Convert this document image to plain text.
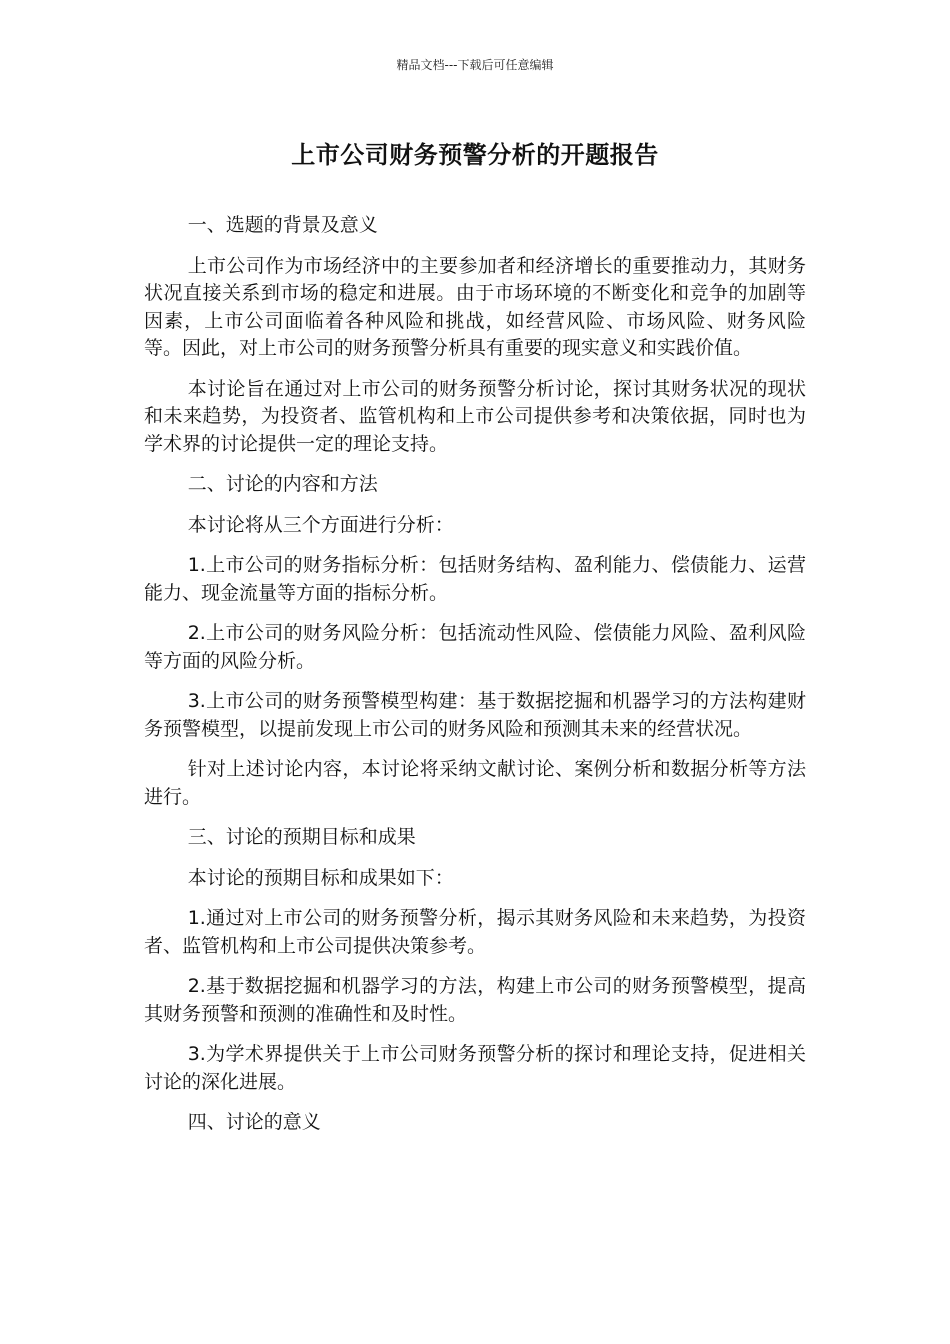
精品文档---下载后可任意编辑
上市公司财务预警分析的开题报告

一、选题的背景及意义

上市公司作为市场经济中的主要参加者和经济增长的重要推动力，其财务状况直接关系到市场的稳定和进展。由于市场环境的不断变化和竞争的加剧等因素，上市公司面临着各种风险和挑战，如经营风险、市场风险、财务风险等。因此，对上市公司的财务预警分析具有重要的现实意义和实践价值。

本讨论旨在通过对上市公司的财务预警分析讨论，探讨其财务状况的现状和未来趋势，为投资者、监管机构和上市公司提供参考和决策依据，同时也为学术界的讨论提供一定的理论支持。

二、讨论的内容和方法

本讨论将从三个方面进行分析：

1.上市公司的财务指标分析：包括财务结构、盈利能力、偿债能力、运营能力、现金流量等方面的指标分析。

2.上市公司的财务风险分析：包括流动性风险、偿债能力风险、盈利风险等方面的风险分析。

3.上市公司的财务预警模型构建：基于数据挖掘和机器学习的方法构建财务预警模型，以提前发现上市公司的财务风险和预测其未来的经营状况。

针对上述讨论内容，本讨论将采纳文献讨论、案例分析和数据分析等方法进行。

三、讨论的预期目标和成果

本讨论的预期目标和成果如下：

1.通过对上市公司的财务预警分析，揭示其财务风险和未来趋势，为投资者、监管机构和上市公司提供决策参考。

2.基于数据挖掘和机器学习的方法，构建上市公司的财务预警模型，提高其财务预警和预测的准确性和及时性。

3.为学术界提供关于上市公司财务预警分析的探讨和理论支持，促进相关讨论的深化进展。

四、讨论的意义
